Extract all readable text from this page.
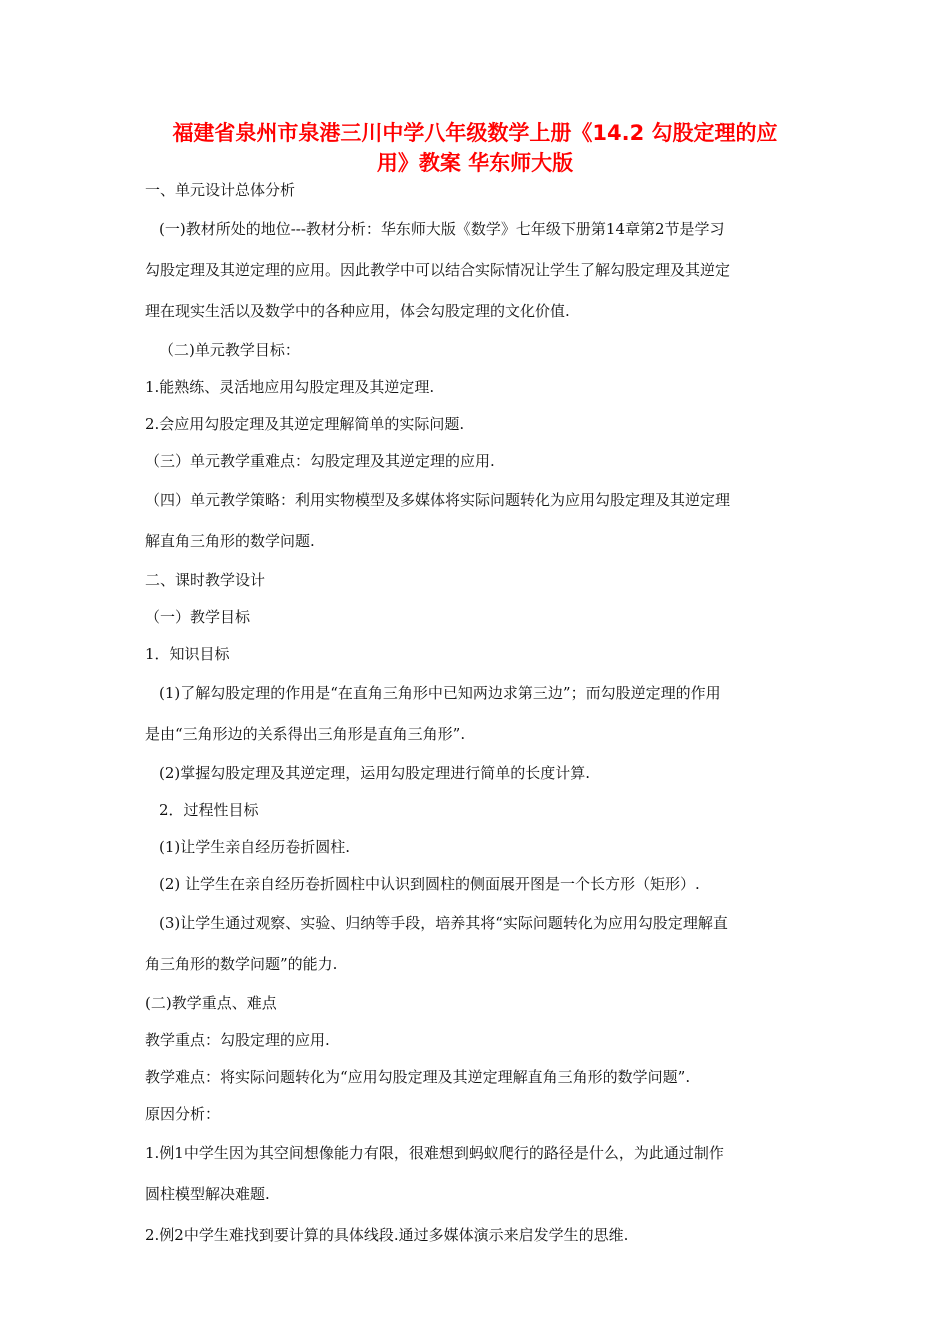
福建省泉州市泉港三川中学八年级数学上册《14.2 勾股定理的应
用》教案 华东师大版

一、单元设计总体分析

(一)教材所处的地位---教材分析：华东师大版《数学》七年级下册第14章第2节是学习

勾股定理及其逆定理的应用。因此教学中可以结合实际情况让学生了解勾股定理及其逆定

理在现实生活以及数学中的各种应用，体会勾股定理的文化价值.

（二)单元教学目标：

1.能熟练、灵活地应用勾股定理及其逆定理.

2.会应用勾股定理及其逆定理解简单的实际问题.

（三）单元教学重难点：勾股定理及其逆定理的应用.

（四）单元教学策略：利用实物模型及多媒体将实际问题转化为应用勾股定理及其逆定理

解直角三角形的数学问题.

二、课时教学设计

（一）教学目标

1．知识目标

(1)了解勾股定理的作用是“在直角三角形中已知两边求第三边”；而勾股逆定理的作用

是由“三角形边的关系得出三角形是直角三角形”.

(2)掌握勾股定理及其逆定理，运用勾股定理进行简单的长度计算.

2．过程性目标

(1)让学生亲自经历卷折圆柱.

(2) 让学生在亲自经历卷折圆柱中认识到圆柱的侧面展开图是一个长方形（矩形）.

(3)让学生通过观察、实验、归纳等手段，培养其将“实际问题转化为应用勾股定理解直

角三角形的数学问题”的能力.

(二)教学重点、难点

教学重点：勾股定理的应用.

教学难点：将实际问题转化为“应用勾股定理及其逆定理解直角三角形的数学问题”.

原因分析：

1.例1中学生因为其空间想像能力有限，很难想到蚂蚁爬行的路径是什么，为此通过制作

圆柱模型解决难题.

2.例2中学生难找到要计算的具体线段.通过多媒体演示来启发学生的思维.
